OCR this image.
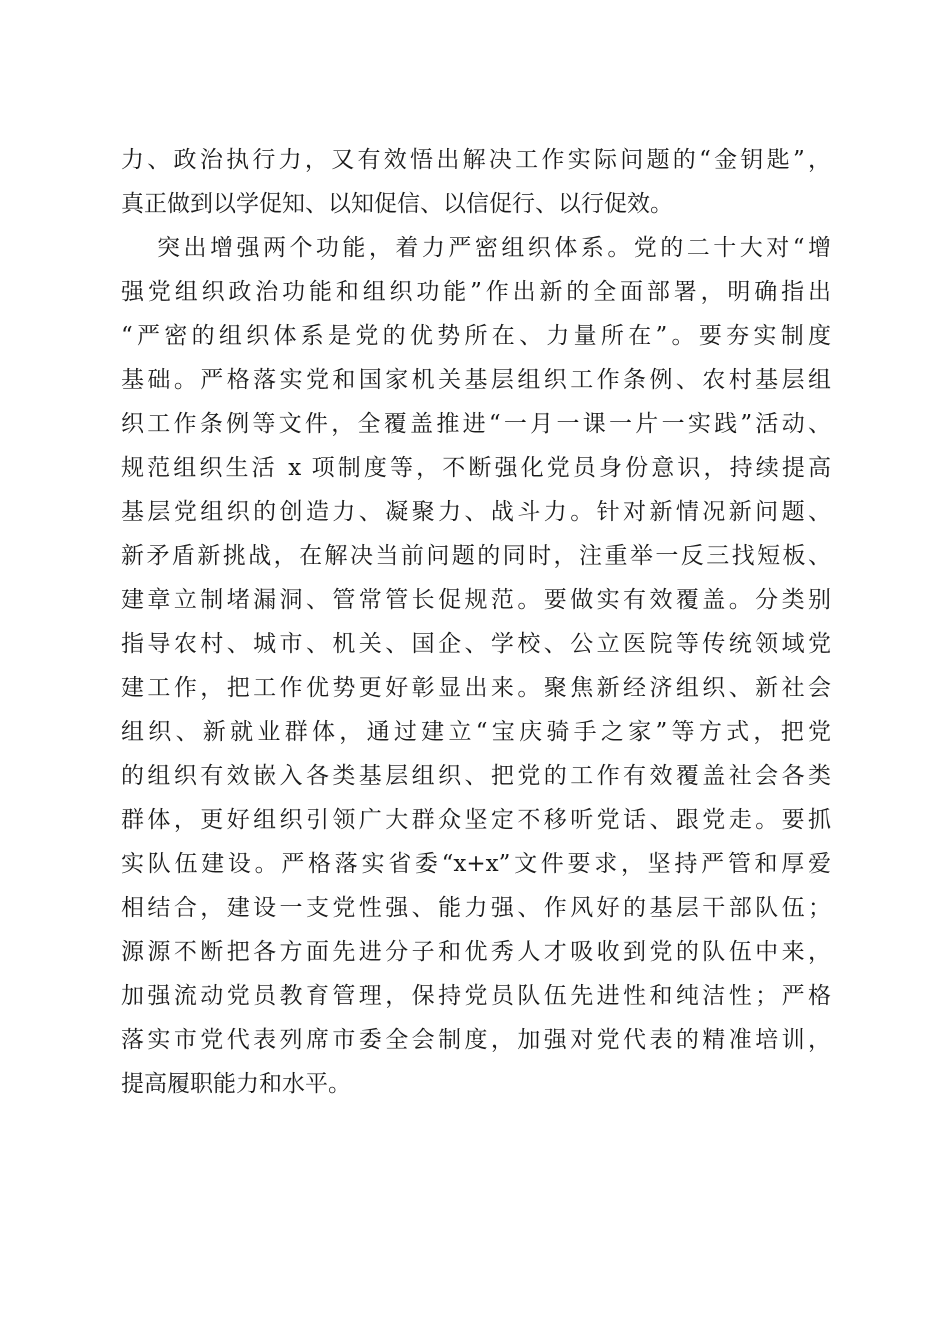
力、政治执行力，又有效悟出解决工作实际问题的“金钥匙”，
真正做到以学促知、以知促信、以信促行、以行促效。
突出增强两个功能，着力严密组织体系。党的二十大对“增
强党组织政治功能和组织功能”作出新的全面部署，明确指出
“严密的组织体系是党的优势所在、力量所在”。要夯实制度
基础。严格落实党和国家机关基层组织工作条例、农村基层组
织工作条例等文件，全覆盖推进“一月一课一片一实践”活动、
规范组织生活 x 项制度等，不断强化党员身份意识，持续提高
基层党组织的创造力、凝聚力、战斗力。针对新情况新问题、
新矛盾新挑战，在解决当前问题的同时，注重举一反三找短板、
建章立制堵漏洞、管常管长促规范。要做实有效覆盖。分类别
指导农村、城市、机关、国企、学校、公立医院等传统领域党
建工作，把工作优势更好彰显出来。聚焦新经济组织、新社会
组织、新就业群体，通过建立“宝庆骑手之家”等方式，把党
的组织有效嵌入各类基层组织、把党的工作有效覆盖社会各类
群体，更好组织引领广大群众坚定不移听党话、跟党走。要抓
实队伍建设。严格落实省委“x+x”文件要求，坚持严管和厚爱
相结合，建设一支党性强、能力强、作风好的基层干部队伍；
源源不断把各方面先进分子和优秀人才吸收到党的队伍中来，
加强流动党员教育管理，保持党员队伍先进性和纯洁性；严格
落实市党代表列席市委全会制度，加强对党代表的精准培训，
提高履职能力和水平。
